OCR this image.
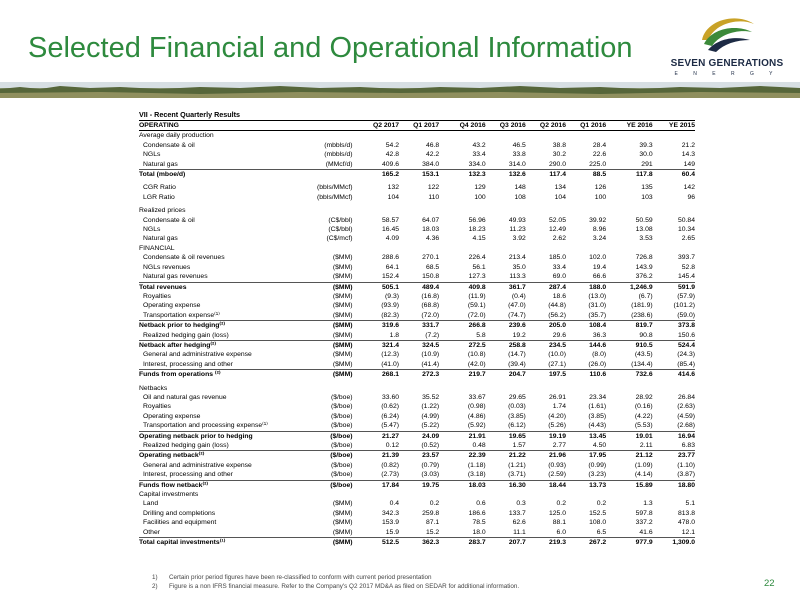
Selected Financial and Operational Information	SEVEN GENERATIONS
E N E R G Y
VII - Recent Quarterly Results
OPERATING		Q2 2017	Q1 2017	Q4 2016	Q3 2016	Q2 2016	Q1 2016	YE 2016	YE 2015
Average daily production									
Condensate & oil	(mbbls/d)	54.2	46.8	43.2	46.5	38.8	28.4	39.3	21.2
NGLs	(mbbls/d)	42.8	42.2	33.4	33.8	30.2	22.6	30.0	14.3
Natural gas	(MMcf/d)	409.6	384.0	334.0	314.0	290.0	225.0	291	149
Total (mboe/d)		165.2	153.1	132.3	132.6	117.4	88.5	117.8	60.4

CGR Ratio	(bbls/MMcf)	132	122	129	148	134	126	135	142
LGR Ratio	(bbls/MMcf)	104	110	100	108	104	100	103	96

Realized prices									
Condensate & oil	(C$/bbl)	58.57	64.07	56.96	49.93	52.05	39.92	50.59	50.84
NGLs	(C$/bbl)	16.45	18.03	18.23	11.23	12.49	8.96	13.08	10.34
Natural gas	(C$/mcf)	4.09	4.36	4.15	3.92	2.62	3.24	3.53	2.65
FINANCIAL									
Condensate & oil revenues	($MM)	288.6	270.1	226.4	213.4	185.0	102.0	726.8	393.7
NGLs revenues	($MM)	64.1	68.5	56.1	35.0	33.4	19.4	143.9	52.8
Natural gas revenues	($MM)	152.4	150.8	127.3	113.3	69.0	66.6	376.2	145.4
Total revenues	($MM)	505.1	489.4	409.8	361.7	287.4	188.0	1,246.9	591.9
Royalties	($MM)	(9.3)	(16.8)	(11.9)	(0.4)	18.6	(13.0)	(6.7)	(57.9)
Operating expense	($MM)	(93.9)	(68.8)	(59.1)	(47.0)	(44.8)	(31.0)	(181.9)	(101.2)
Transportation expense⁽¹⁾	($MM)	(82.3)	(72.0)	(72.0)	(74.7)	(56.2)	(35.7)	(238.6)	(59.0)
Netback prior to hedging⁽²⁾	($MM)	319.6	331.7	266.8	239.6	205.0	108.4	819.7	373.8
Realized hedging gain (loss)	($MM)	1.8	(7.2)	5.8	19.2	29.6	36.3	90.8	150.6
Netback after hedging⁽²⁾	($MM)	321.4	324.5	272.5	258.8	234.5	144.6	910.5	524.4
General and administrative expense	($MM)	(12.3)	(10.9)	(10.8)	(14.7)	(10.0)	(8.0)	(43.5)	(24.3)
Interest, processing and other	($MM)	(41.0)	(41.4)	(42.0)	(39.4)	(27.1)	(26.0)	(134.4)	(85.4)
Funds from operations ⁽²⁾	($MM)	268.1	272.3	219.7	204.7	197.5	110.6	732.6	414.6

Netbacks									
Oil and natural gas revenue	($/boe)	33.60	35.52	33.67	29.65	26.91	23.34	28.92	26.84
Royalties	($/boe)	(0.62)	(1.22)	(0.98)	(0.03)	1.74	(1.61)	(0.16)	(2.63)
Operating expense	($/boe)	(6.24)	(4.99)	(4.86)	(3.85)	(4.20)	(3.85)	(4.22)	(4.59)
Transportation and processing expense⁽¹⁾	($/boe)	(5.47)	(5.22)	(5.92)	(6.12)	(5.26)	(4.43)	(5.53)	(2.68)
Operating netback prior to hedging	($/boe)	21.27	24.09	21.91	19.65	19.19	13.45	19.01	16.94
Realized hedging gain (loss)	($/boe)	0.12	(0.52)	0.48	1.57	2.77	4.50	2.11	6.83
Operating netback⁽²⁾	($/boe)	21.39	23.57	22.39	21.22	21.96	17.95	21.12	23.77
General and administrative expense	($/boe)	(0.82)	(0.79)	(1.18)	(1.21)	(0.93)	(0.99)	(1.09)	(1.10)
Interest, processing and other	($/boe)	(2.73)	(3.03)	(3.18)	(3.71)	(2.59)	(3.23)	(4.14)	(3.87)
Funds flow netback⁽²⁾	($/boe)	17.84	19.75	18.03	16.30	18.44	13.73	15.89	18.80
Capital investments									
Land	($MM)	0.4	0.2	0.6	0.3	0.2	0.2	1.3	5.1
Drilling and completions	($MM)	342.3	259.8	186.6	133.7	125.0	152.5	597.8	813.8
Facilities and equipment	($MM)	153.9	87.1	78.5	62.6	88.1	108.0	337.2	478.0
Other	($MM)	15.9	15.2	18.0	11.1	6.0	6.5	41.6	12.1
Total capital investments⁽¹⁾	($MM)	512.5	362.3	283.7	207.7	219.3	267.2	977.9	1,309.0
1) Certain prior period figures have been re-classified to conform with current period presentation
2) Figure is a non IFRS financial measure. Refer to the Company's Q2 2017 MD&A as filed on SEDAR for additional information.	22
